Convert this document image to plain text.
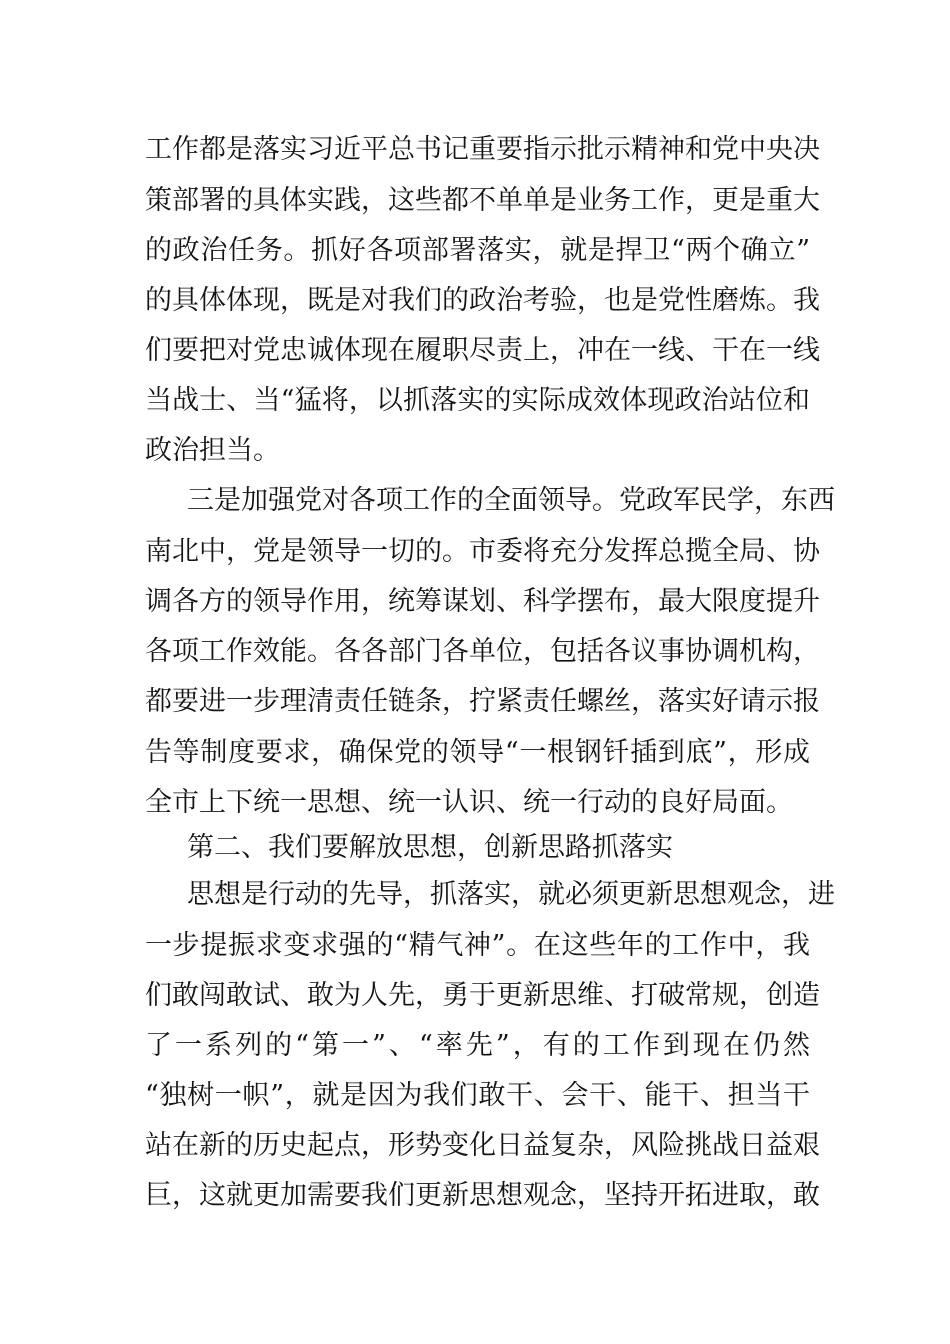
工作都是落实习近平总书记重要指示批示精神和党中央决
策部署的具体实践，这些都不单单是业务工作，更是重大
的政治任务。抓好各项部署落实，就是捍卫“两个确立”
的具体体现，既是对我们的政治考验，也是党性磨炼。我
们要把对党忠诚体现在履职尽责上，冲在一线、干在一线
当战士、当“猛将，以抓落实的实际成效体现政治站位和
政治担当。
三是加强党对各项工作的全面领导。党政军民学，东西
南北中，党是领导一切的。市委将充分发挥总揽全局、协
调各方的领导作用，统筹谋划、科学摆布，最大限度提升
各项工作效能。各各部门各单位，包括各议事协调机构，
都要进一步理清责任链条，拧紧责任螺丝，落实好请示报
告等制度要求，确保党的领导“一根钢钎插到底”，形成
全市上下统一思想、统一认识、统一行动的良好局面。
第二、我们要解放思想，创新思路抓落实
思想是行动的先导，抓落实，就必须更新思想观念，进
一步提振求变求强的“精气神”。在这些年的工作中，我
们敢闯敢试、敢为人先，勇于更新思维、打破常规，创造
了一系列的“第一”、“率先”，有的工作到现在仍然
“独树一帜”，就是因为我们敢干、会干、能干、担当干
站在新的历史起点，形势变化日益复杂，风险挑战日益艰
巨，这就更加需要我们更新思想观念，坚持开拓进取，敢
